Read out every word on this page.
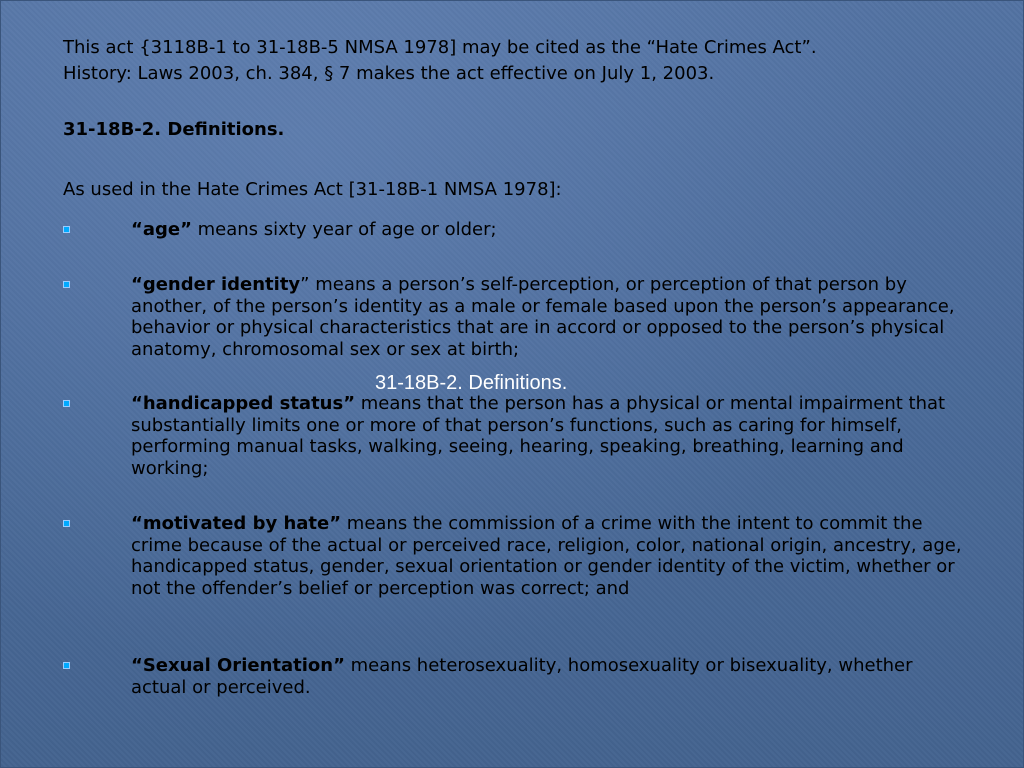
This act {3118B-1 to 31-18B-5 NMSA 1978] may be cited as the “Hate Crimes Act”.
History: Laws 2003, ch. 384, § 7 makes the act effective on July 1, 2003.
31-18B-2. Definitions.
As used in the Hate Crimes Act [31-18B-1 NMSA 1978]:
“age” means sixty year of age or older;
“gender identity” means a person’s self-perception, or perception of that person by another, of the person’s identity as a male or female based upon the person’s appearance, behavior or physical characteristics that are in accord or opposed to the person’s physical anatomy, chromosomal sex or sex at birth;
“handicapped status” means that the person has a physical or mental impairment that substantially limits one or more of that person’s functions, such as caring for himself, performing manual tasks, walking, seeing, hearing, speaking, breathing, learning and working;
“motivated by hate” means the commission of a crime with the intent to commit the crime because of the actual or perceived race, religion, color, national origin, ancestry, age, handicapped status, gender, sexual orientation or gender identity of the victim, whether or not the offender’s belief or perception was correct; and
“Sexual Orientation” means heterosexuality, homosexuality or bisexuality, whether actual or perceived.
31-18B-2. Definitions.
